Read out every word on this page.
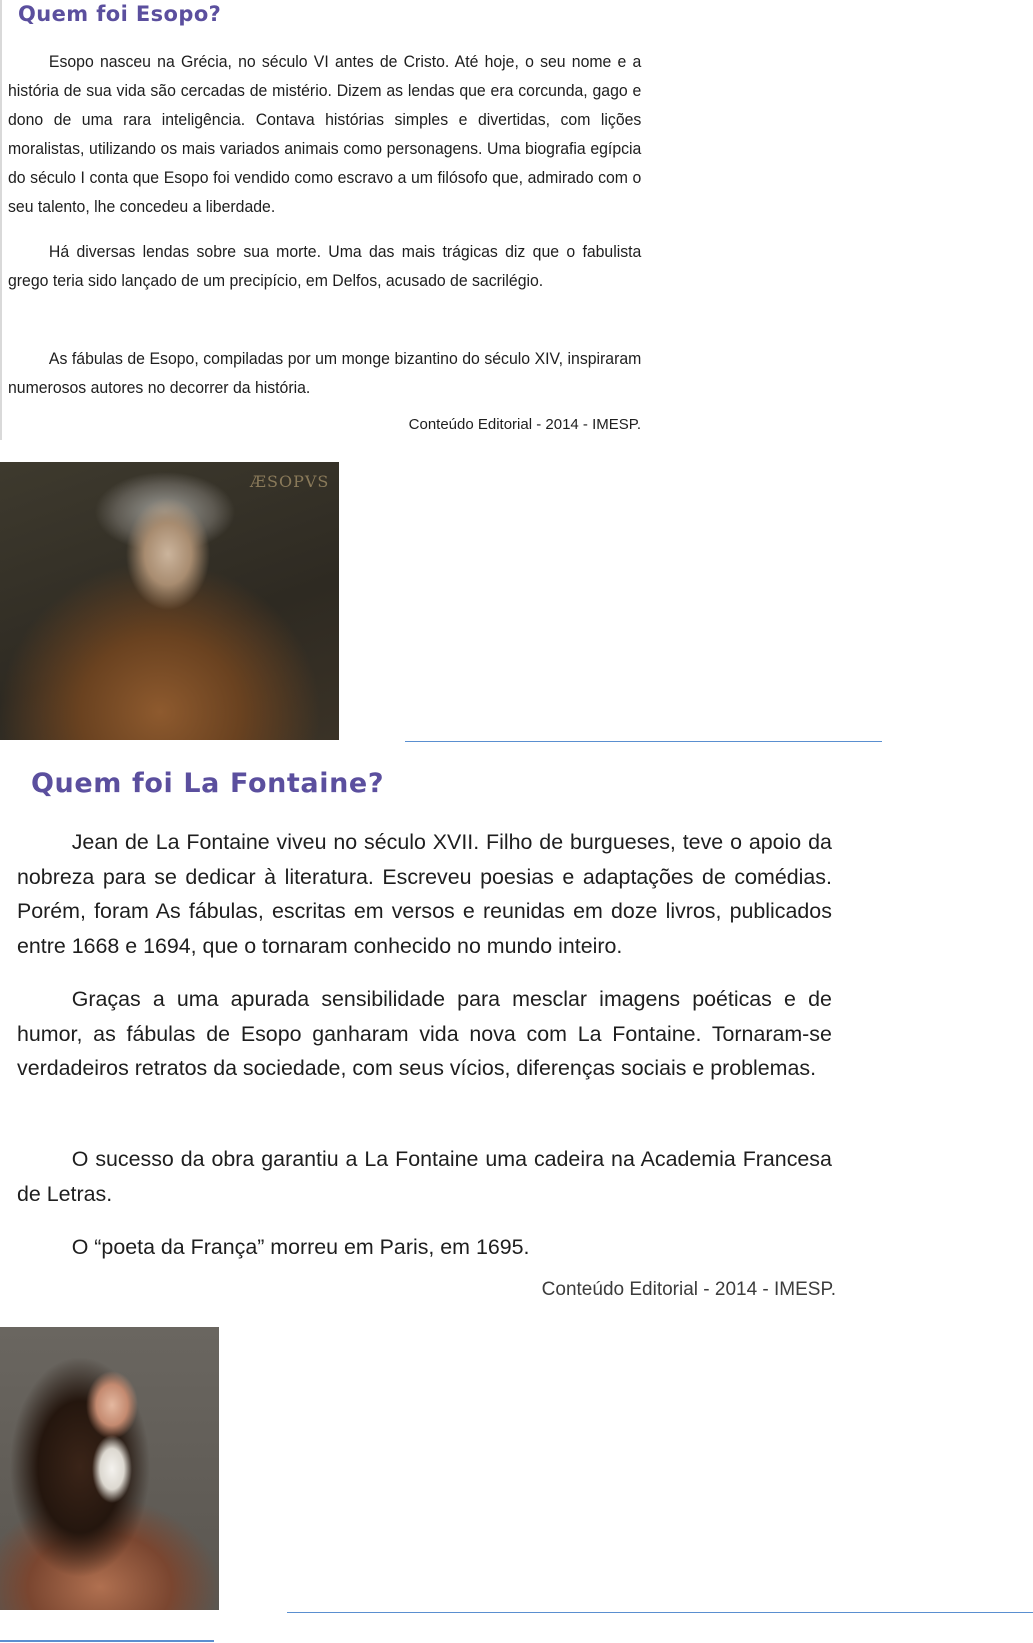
Quem foi Esopo?
Esopo nasceu na Grécia, no século VI antes de Cristo. Até hoje, o seu nome e a história de sua vida são cercadas de mistério. Dizem as lendas que era corcunda, gago e dono de uma rara inteligência. Contava histórias simples e divertidas, com lições moralistas, utilizando os mais variados animais como personagens. Uma biografia egípcia do século I conta que Esopo foi vendido como escravo a um filósofo que, admirado com o seu talento, lhe concedeu a liberdade.
Há diversas lendas sobre sua morte. Uma das mais trágicas diz que o fabulista grego teria sido lançado de um precipício, em Delfos, acusado de sacrilégio.
As fábulas de Esopo, compiladas por um monge bizantino do século XIV, inspiraram numerosos autores no decorrer da história.
Conteúdo Editorial - 2014 - IMESP.
ÆSOPVS
Quem foi La Fontaine?
Jean de La Fontaine viveu no século XVII. Filho de burgueses, teve o apoio da nobreza para se dedicar à literatura. Escreveu poesias e adaptações de comédias. Porém, foram As fábulas, escritas em versos e reunidas em doze livros, publicados entre 1668 e 1694, que o tornaram conhecido no mundo inteiro.
Graças a uma apurada sensibilidade para mesclar imagens poéticas e de humor, as fábulas de Esopo ganharam vida nova com La Fontaine. Tornaram-se verdadeiros retratos da sociedade, com seus vícios, diferenças sociais e problemas.
O sucesso da obra garantiu a La Fontaine uma cadeira na Academia Francesa de Letras.
O “poeta da França” morreu em Paris, em 1695.
Conteúdo Editorial - 2014 - IMESP.
